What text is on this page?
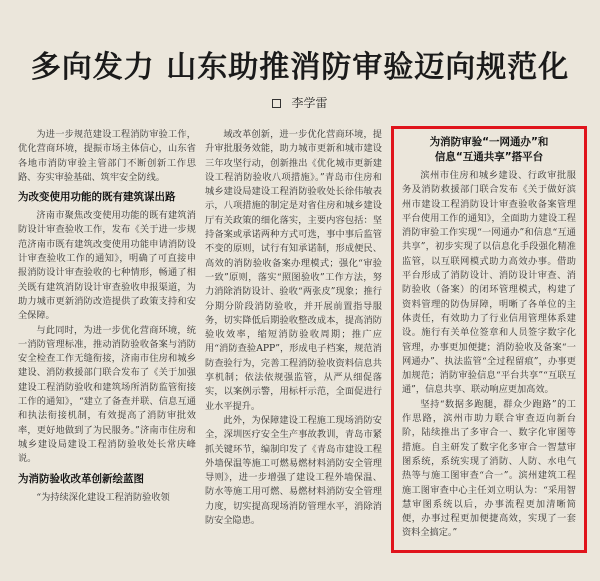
多向发力 山东助推消防审验迈向规范化
李学雷

为进一步规范建设工程消防审验工作，优化营商环境，提振市场主体信心，山东省各地市消防审验主管部门不断创新工作思路、夯实审验基础、筑牢安全防线。

为改变使用功能的既有建筑谋出路

济南市聚焦改变使用功能的既有建筑消防设计审查验收工作，发布《关于进一步规范济南市既有建筑改变使用功能申请消防设计审查验收工作的通知》，明确了可直接申报消防设计审查验收的七种情形，畅通了相关既有建筑消防设计审查验收申报渠道，为助力城市更新消防改造提供了政策支持和安全保障。

与此同时，为进一步优化营商环境，统一消防管理标准，推动消防验收备案与消防安全检查工作无缝衔接，济南市住房和城乡建设、消防救援部门联合发布了《关于加强建设工程消防验收和建筑场所消防监管衔接工作的通知》，“建立了备查并联、信息互通和执法衔接机制，有效提高了消防审批效率，更好地做到了为民服务。”济南市住房和城乡建设局建设工程消防验收处长常庆峰说。

为消防验收改革创新绘蓝图

“为持续深化建设工程消防验收领

域改革创新，进一步优化营商环境，提升审批服务效能，助力城市更新和城市建设三年攻坚行动，创新推出《优化城市更新建设工程消防验收八项措施》。”青岛市住房和城乡建设局建设工程消防验收处长徐伟敏表示，八项措施的制定是对省住房和城乡建设厅有关政策的细化落实，主要内容包括：坚持备案或承诺两种方式可选，事中事后监管不变的原则，试行有知承诺制，形成便民、高效的消防验收备案办理模式；强化“审验一致”原则，落实“照图验收”工作方法，努力消除消防设计、验收“两张皮”现象；推行分期分阶段消防验收，并开展前置指导服务，切实降低后期验收整改成本，提高消防验收效率，缩短消防验收周期；推广应用“消防查验APP”，形成电子档案，规范消防查验行为，完善工程消防验收资料信息共享机制；依法依规强监管，从严从细促落实，以案例示警，用标杆示范，全面促进行业水平提升。

此外，为保障建设工程施工现场消防安全，深圳医疗安全生产事故教训，青岛市紧抓关键环节，编制印发了《青岛市建设工程外墙保温等施工可燃易燃材料消防安全管理导则》，进一步增强了建设工程外墙保温、防水等施工用可燃、易燃材料消防安全管理力度，切实提高现场消防管理水平，消除消防安全隐患。

为消防审验“一网通办”和
信息“互通共享”搭平台

滨州市住房和城乡建设、行政审批服务及消防救援部门联合发布《关于做好滨州市建设工程消防设计审查验收备案管理平台使用工作的通知》，全面助力建设工程消防审验工作实现“一网通办”和信息“互通共享”，初步实现了以信息化手段强化精准监管，以互联网模式助力高效办事。借助平台形成了消防设计、消防设计审查、消防验收（备案）的闭环管理模式，构建了资料管理的防伪屏障，明晰了各单位的主体责任，有效助力了行业信用管理体系建设。施行有关单位签章和人员签字数字化管理，办事更加便捷；消防验收及备案“一网通办”、执法监管“全过程留痕”，办事更加规范；消防审验信息“平台共享”“互联互通”，信息共享、联动响应更加高效。

坚持“数据多跑腿，群众少跑路”的工作思路，滨州市助力联合审查迈向新台阶，陆续推出了多审合一、数字化审图等措施。自主研发了数字化多审合一智慧审图系统，系统实现了消防、人防、水电气热等与施工图审查“合一”。滨州建筑工程施工图审查中心主任刘立明认为：“采用智慧审图系统以后，办事流程更加清晰简便，办事过程更加便捷高效，实现了一套资料全搞定。”
